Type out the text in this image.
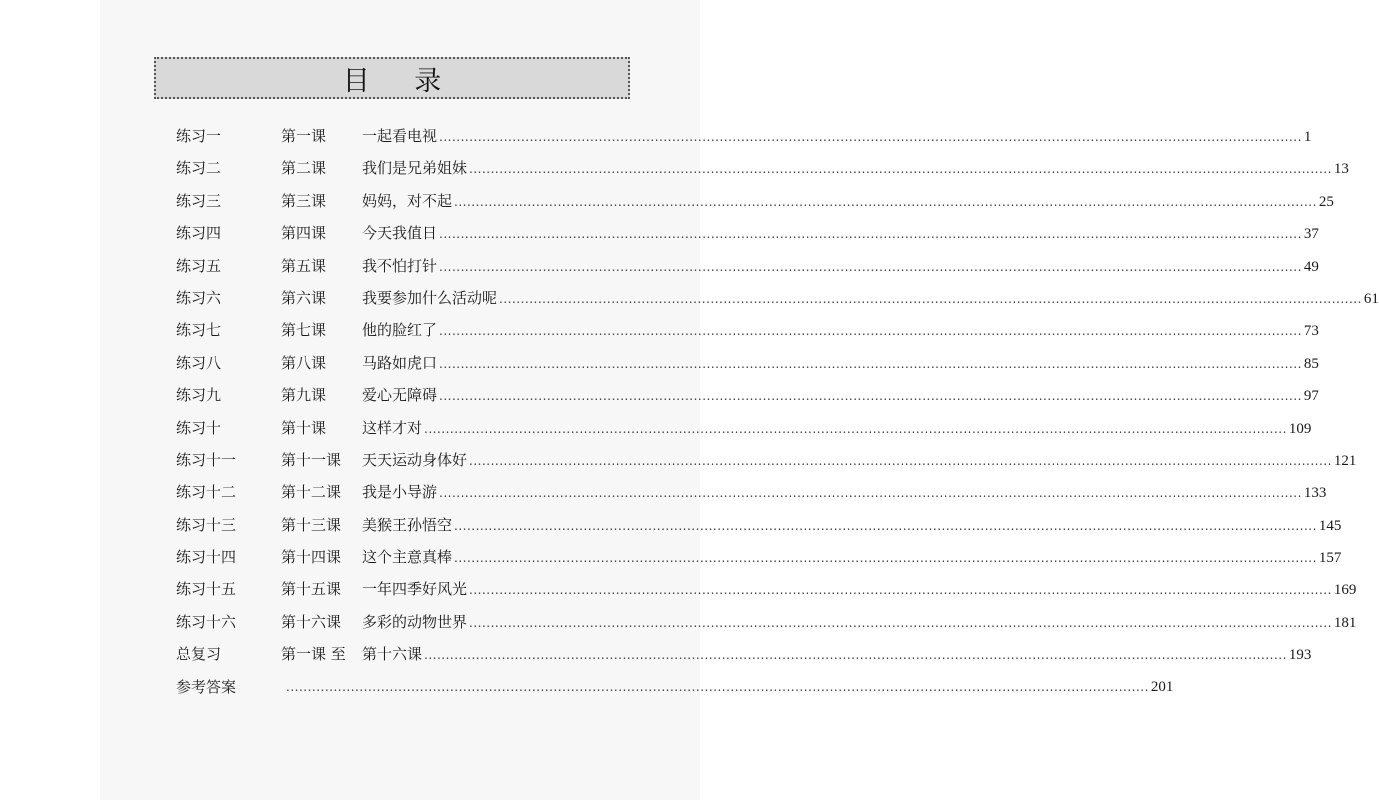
目 录
练习一	第一课 一起看电视 ........................................................................................................................................................................................................ 1
练习二	第二课 我们是兄弟姐妹 ........................................................................................................................................................................................................ 13
练习三	第三课 妈妈，对不起 ........................................................................................................................................................................................................ 25
练习四	第四课 今天我值日 ........................................................................................................................................................................................................ 37
练习五	第五课 我不怕打针 ........................................................................................................................................................................................................ 49
练习六	第六课 我要参加什么活动呢 ........................................................................................................................................................................................................ 61
练习七	第七课 他的脸红了 ........................................................................................................................................................................................................ 73
练习八	第八课 马路如虎口 ........................................................................................................................................................................................................ 85
练习九	第九课 爱心无障碍 ........................................................................................................................................................................................................ 97
练习十	第十课 这样才对 ........................................................................................................................................................................................................ 109
练习十一	第十一课 天天运动身体好 ........................................................................................................................................................................................................ 121
练习十二	第十二课 我是小导游 ........................................................................................................................................................................................................ 133
练习十三	第十三课 美猴王孙悟空 ........................................................................................................................................................................................................ 145
练习十四	第十四课 这个主意真棒 ........................................................................................................................................................................................................ 157
练习十五	第十五课 一年四季好风光 ........................................................................................................................................................................................................ 169
练习十六	第十六课 多彩的动物世界 ........................................................................................................................................................................................................ 181
总复习	第一课 至 第十六课 ........................................................................................................................................................................................................ 193
参考答案	........................................................................................................................................................................................................ 201
